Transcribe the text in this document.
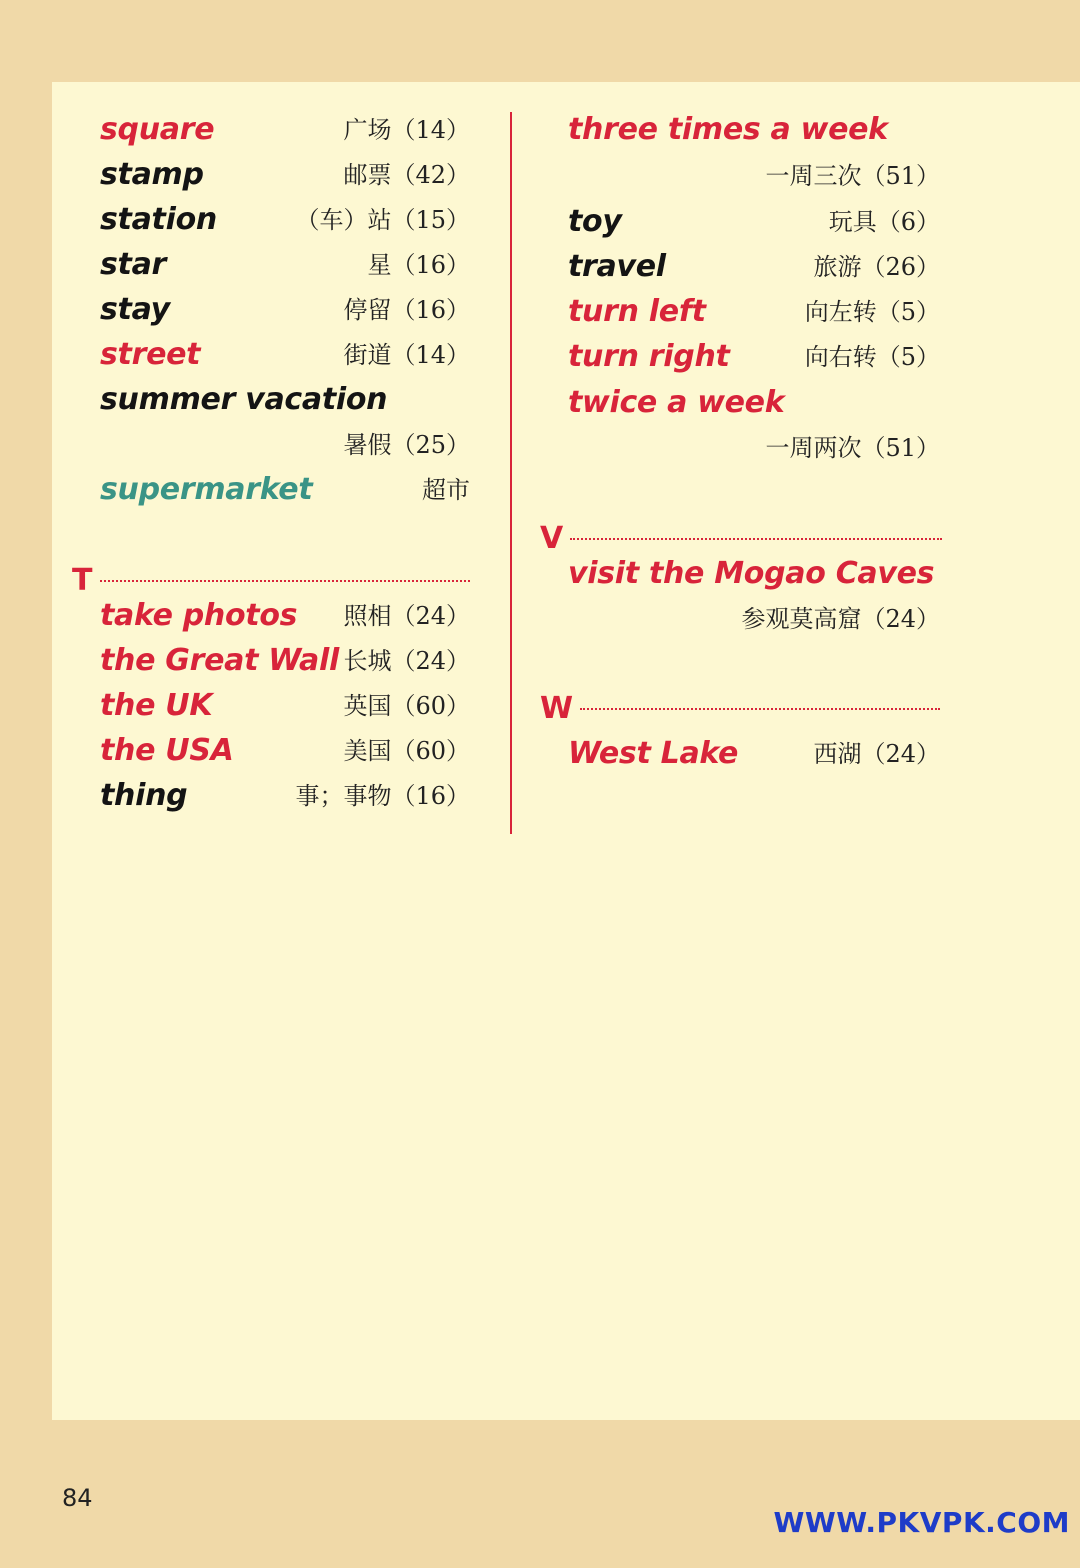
square	广场（14）
stamp	邮票（42）
station	（车）站（15）
star	星（16）
stay	停留（16）
street	街道（14）
summer vacation
暑假（25）
supermarket	超市
T
take photos 照相（24）
the Great Wall 长城（24）
the UK	英国（60）
the USA	美国（60）
thing	事；事物（16）
three times a week
一周三次（51）
toy	玩具（6）
travel	旅游（26）
turn left	向左转（5）
turn right	向右转（5）
twice a week
一周两次（51）
V
visit the Mogao Caves
参观莫高窟（24）
W
West Lake	西湖（24）
84
WWW.PKVPK.COM
